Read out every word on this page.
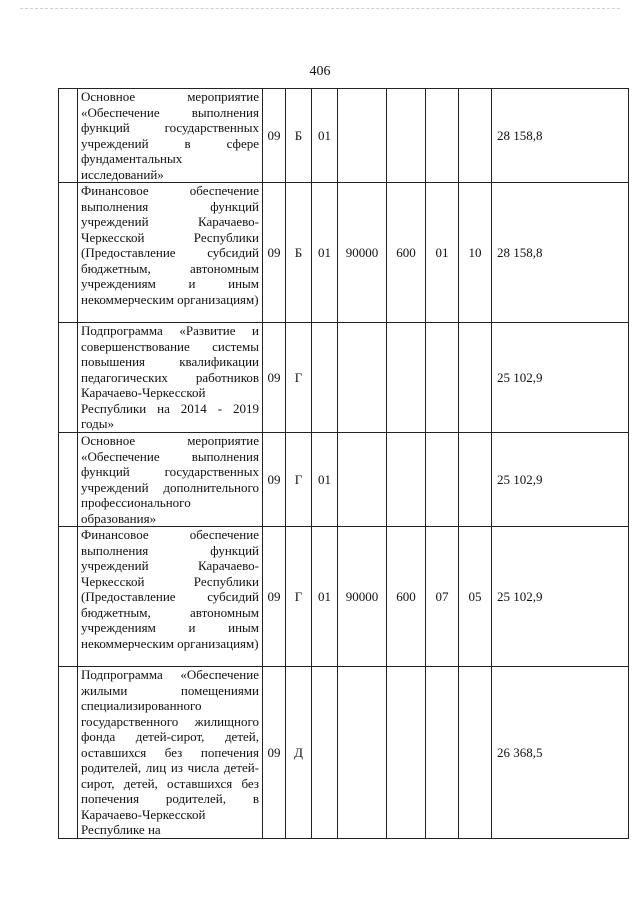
406

	Основное мероприятие «Обеспечение выполнения функций государственных учреждений в сфере фундаментальных исследований»	09	Б	01					28 158,8

	Финансовое обеспечение выполнения функций учреждений Карачаево-Черкесской Республики (Предоставление субсидий бюджетным, автономным учреждениям и иным некоммерческим организациям)	09	Б	01	90000	600	01	10	28 158,8

	Подпрограмма «Развитие и совершенствование системы повышения квалификации педагогических работников Карачаево-Черкесской Республики на 2014 - 2019 годы»	09	Г						25 102,9

	Основное мероприятие «Обеспечение выполнения функций государственных учреждений дополнительного профессионального образования»	09	Г	01					25 102,9

	Финансовое обеспечение выполнения функций учреждений Карачаево-Черкесской Республики (Предоставление субсидий бюджетным, автономным учреждениям и иным некоммерческим организациям)	09	Г	01	90000	600	07	05	25 102,9

	Подпрограмма «Обеспечение жилыми помещениями специализированного государственного жилищного фонда детей-сирот, детей, оставшихся без попечения родителей, лиц из числа детей-сирот, детей, оставшихся без попечения родителей, в Карачаево-Черкесской Республике на	09	Д						26 368,5
